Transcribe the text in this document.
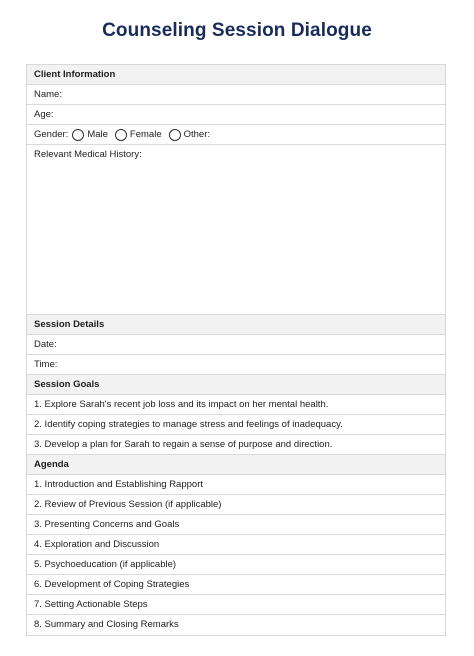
Counseling Session Dialogue
Client Information
Name:
Age:
Gender: Male Female Other:
Relevant Medical History:
Session Details
Date:
Time:
Session Goals
1. Explore Sarah's recent job loss and its impact on her mental health.
2. Identify coping strategies to manage stress and feelings of inadequacy.
3. Develop a plan for Sarah to regain a sense of purpose and direction.
Agenda
1. Introduction and Establishing Rapport
2. Review of Previous Session (if applicable)
3. Presenting Concerns and Goals
4. Exploration and Discussion
5. Psychoeducation (if applicable)
6. Development of Coping Strategies
7. Setting Actionable Steps
8. Summary and Closing Remarks
